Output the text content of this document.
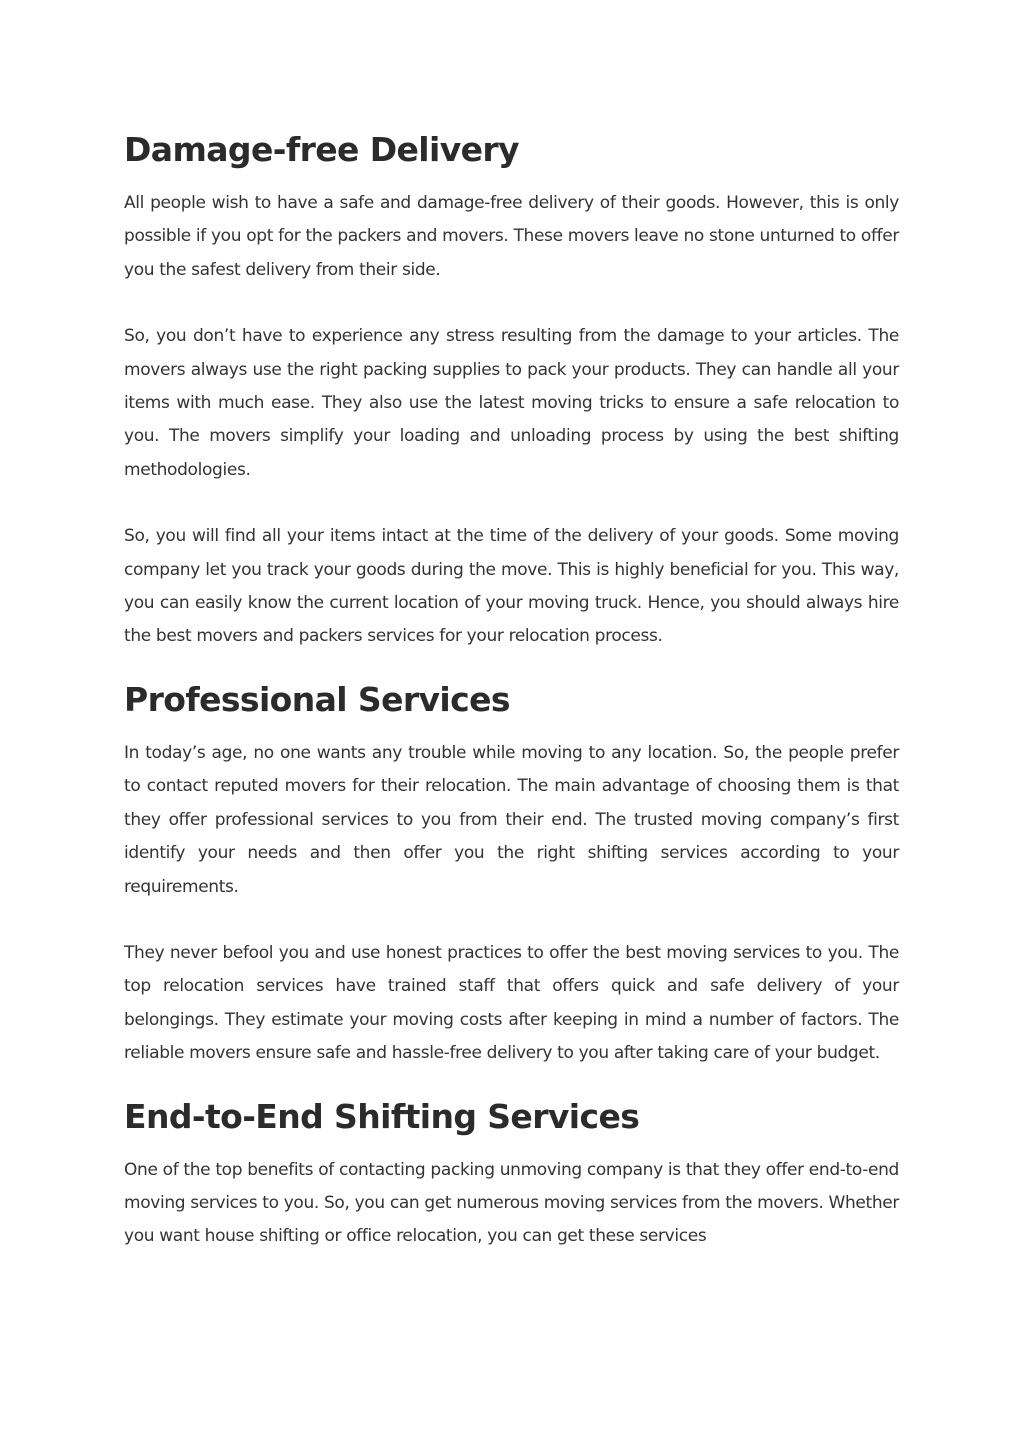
Damage-free Delivery

All people wish to have a safe and damage-free delivery of their goods. However, this is only possible if you opt for the packers and movers. These movers leave no stone unturned to offer you the safest delivery from their side.

So, you don’t have to experience any stress resulting from the damage to your articles. The movers always use the right packing supplies to pack your products. They can handle all your items with much ease. They also use the latest moving tricks to ensure a safe relocation to you. The movers simplify your loading and unloading process by using the best shifting methodologies.

So, you will find all your items intact at the time of the delivery of your goods. Some moving company let you track your goods during the move. This is highly beneficial for you. This way, you can easily know the current location of your moving truck. Hence, you should always hire the best movers and packers services for your relocation process.

Professional Services

In today’s age, no one wants any trouble while moving to any location. So, the people prefer to contact reputed movers for their relocation. The main advantage of choosing them is that they offer professional services to you from their end. The trusted moving company’s first identify your needs and then offer you the right shifting services according to your requirements.

They never befool you and use honest practices to offer the best moving services to you. The top relocation services have trained staff that offers quick and safe delivery of your belongings. They estimate your moving costs after keeping in mind a number of factors. The reliable movers ensure safe and hassle-free delivery to you after taking care of your budget.

End-to-End Shifting Services

One of the top benefits of contacting packing unmoving company is that they offer end-to-end moving services to you. So, you can get numerous moving services from the movers. Whether you want house shifting or office relocation, you can get these services
